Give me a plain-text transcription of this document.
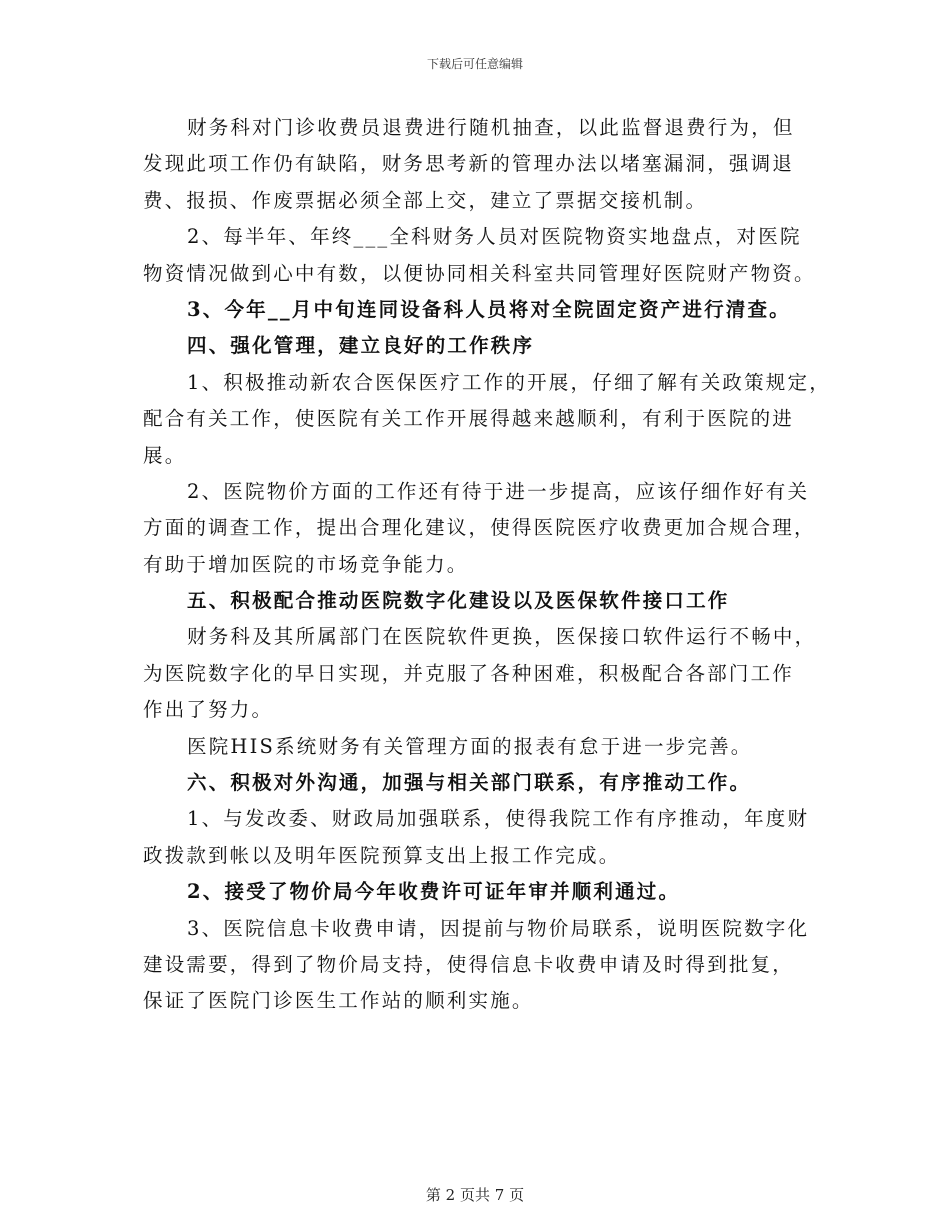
下载后可任意编辑
财务科对门诊收费员退费进行随机抽查，以此监督退费行为，但
发现此项工作仍有缺陷，财务思考新的管理办法以堵塞漏洞，强调退
费、报损、作废票据必须全部上交，建立了票据交接机制。
2、每半年、年终___全科财务人员对医院物资实地盘点，对医院
物资情况做到心中有数，以便协同相关科室共同管理好医院财产物资。
3、今年__月中旬连同设备科人员将对全院固定资产进行清查。
四、强化管理，建立良好的工作秩序
1、积极推动新农合医保医疗工作的开展，仔细了解有关政策规定，
配合有关工作，使医院有关工作开展得越来越顺利，有利于医院的进
展。
2、医院物价方面的工作还有待于进一步提高，应该仔细作好有关
方面的调查工作，提出合理化建议，使得医院医疗收费更加合规合理，
有助于增加医院的市场竞争能力。
五、积极配合推动医院数字化建设以及医保软件接口工作
财务科及其所属部门在医院软件更换，医保接口软件运行不畅中，
为医院数字化的早日实现，并克服了各种困难，积极配合各部门工作
作出了努力。
医院HIS系统财务有关管理方面的报表有怠于进一步完善。
六、积极对外沟通，加强与相关部门联系，有序推动工作。
1、与发改委、财政局加强联系，使得我院工作有序推动，年度财
政拨款到帐以及明年医院预算支出上报工作完成。
2、接受了物价局今年收费许可证年审并顺利通过。
3、医院信息卡收费申请，因提前与物价局联系，说明医院数字化
建设需要，得到了物价局支持，使得信息卡收费申请及时得到批复，
保证了医院门诊医生工作站的顺利实施。
第 2 页共 7 页
